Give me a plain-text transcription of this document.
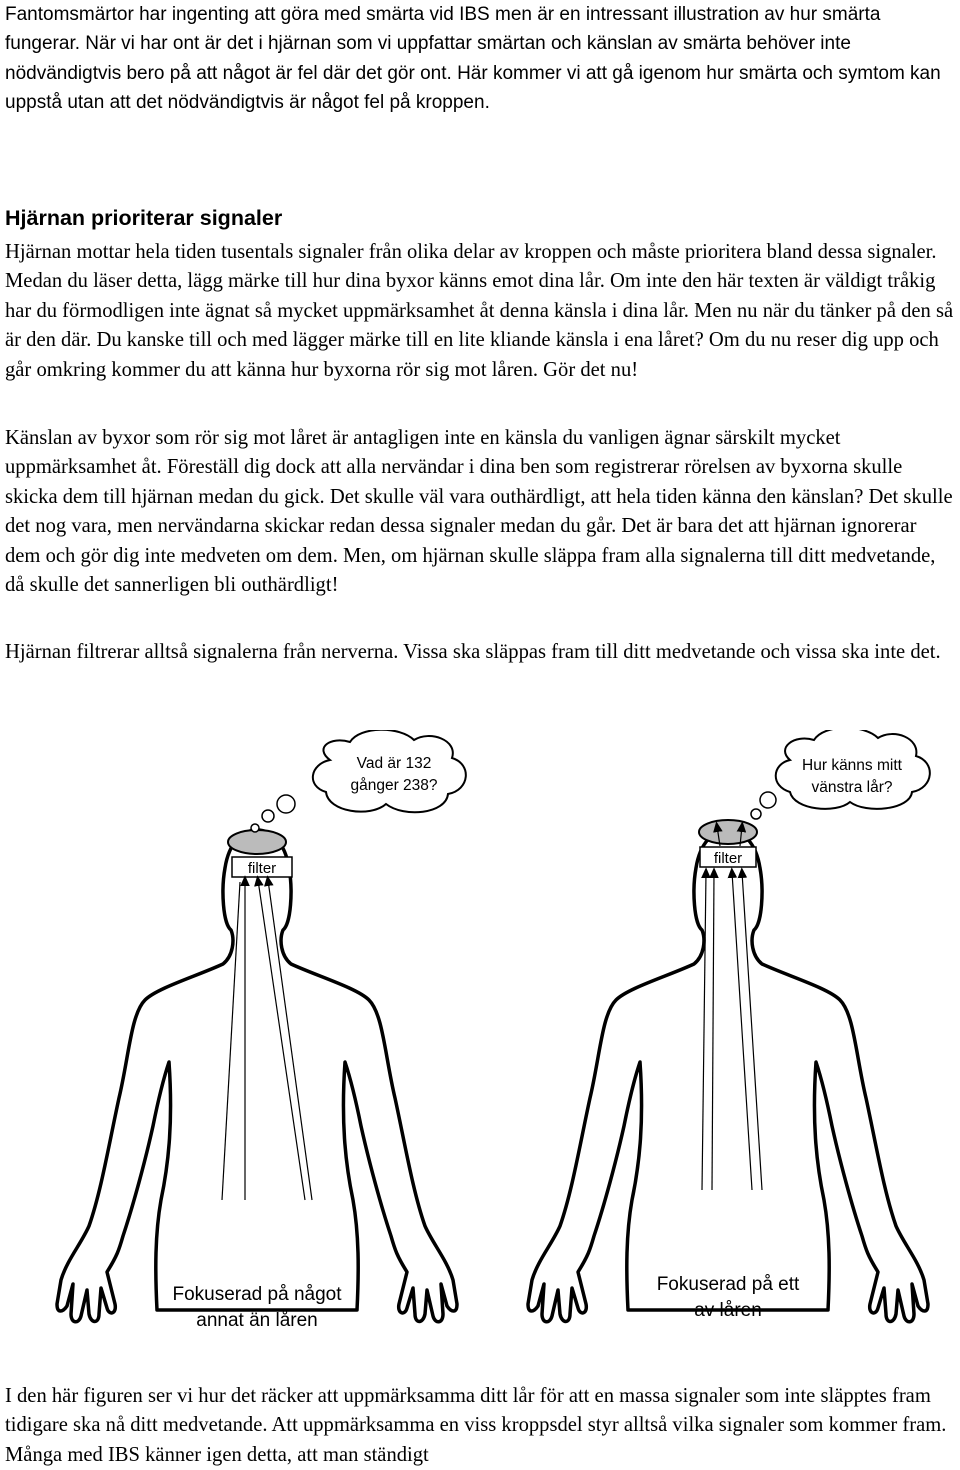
Fantomsmärtor har ingenting att göra med smärta vid IBS men är en intressant illustration av hur smärta fungerar. När vi har ont är det i hjärnan som vi uppfattar smärtan och känslan av smärta behöver inte nödvändigtvis bero på att något är fel där det gör ont. Här kommer vi att gå igenom hur smärta och symtom kan uppstå utan att det nödvändigtvis är något fel på kroppen.

Hjärnan prioriterar signaler

Hjärnan mottar hela tiden tusentals signaler från olika delar av kroppen och måste prioritera bland dessa signaler. Medan du läser detta, lägg märke till hur dina byxor känns emot dina lår. Om inte den här texten är väldigt tråkig har du förmodligen inte ägnat så mycket uppmärksamhet åt denna känsla i dina lår. Men nu när du tänker på den så är den där. Du kanske till och med lägger märke till en lite kliande känsla i ena låret? Om du nu reser dig upp och går omkring kommer du att känna hur byxorna rör sig mot låren. Gör det nu!

Känslan av byxor som rör sig mot låret är antagligen inte en känsla du vanligen ägnar särskilt mycket uppmärksamhet åt. Föreställ dig dock att alla nervändar i dina ben som registrerar rörelsen av byxorna skulle skicka dem till hjärnan medan du gick. Det skulle väl vara outhärdligt, att hela tiden känna den känslan? Det skulle det nog vara, men nervändarna skickar redan dessa signaler medan du går. Det är bara det att hjärnan ignorerar dem och gör dig inte medveten om dem. Men, om hjärnan skulle släppa fram alla signalerna till ditt medvetande, då skulle det sannerligen bli outhärdligt!

Hjärnan filtrerar alltså signalerna från nerverna. Vissa ska släppas fram till ditt medvetande och vissa ska inte det.

filter
Vad är 132
gånger 238?
Fokuserad på något
annat än låren
filter
Hur känns mitt
vänstra lår?
Fokuserad på ett
av låren

I den här figuren ser vi hur det räcker att uppmärksamma ditt lår för att en massa signaler som inte släpptes fram tidigare ska nå ditt medvetande. Att uppmärksamma en viss kroppsdel styr alltså vilka signaler som kommer fram. Många med IBS känner igen detta, att man ständigt
